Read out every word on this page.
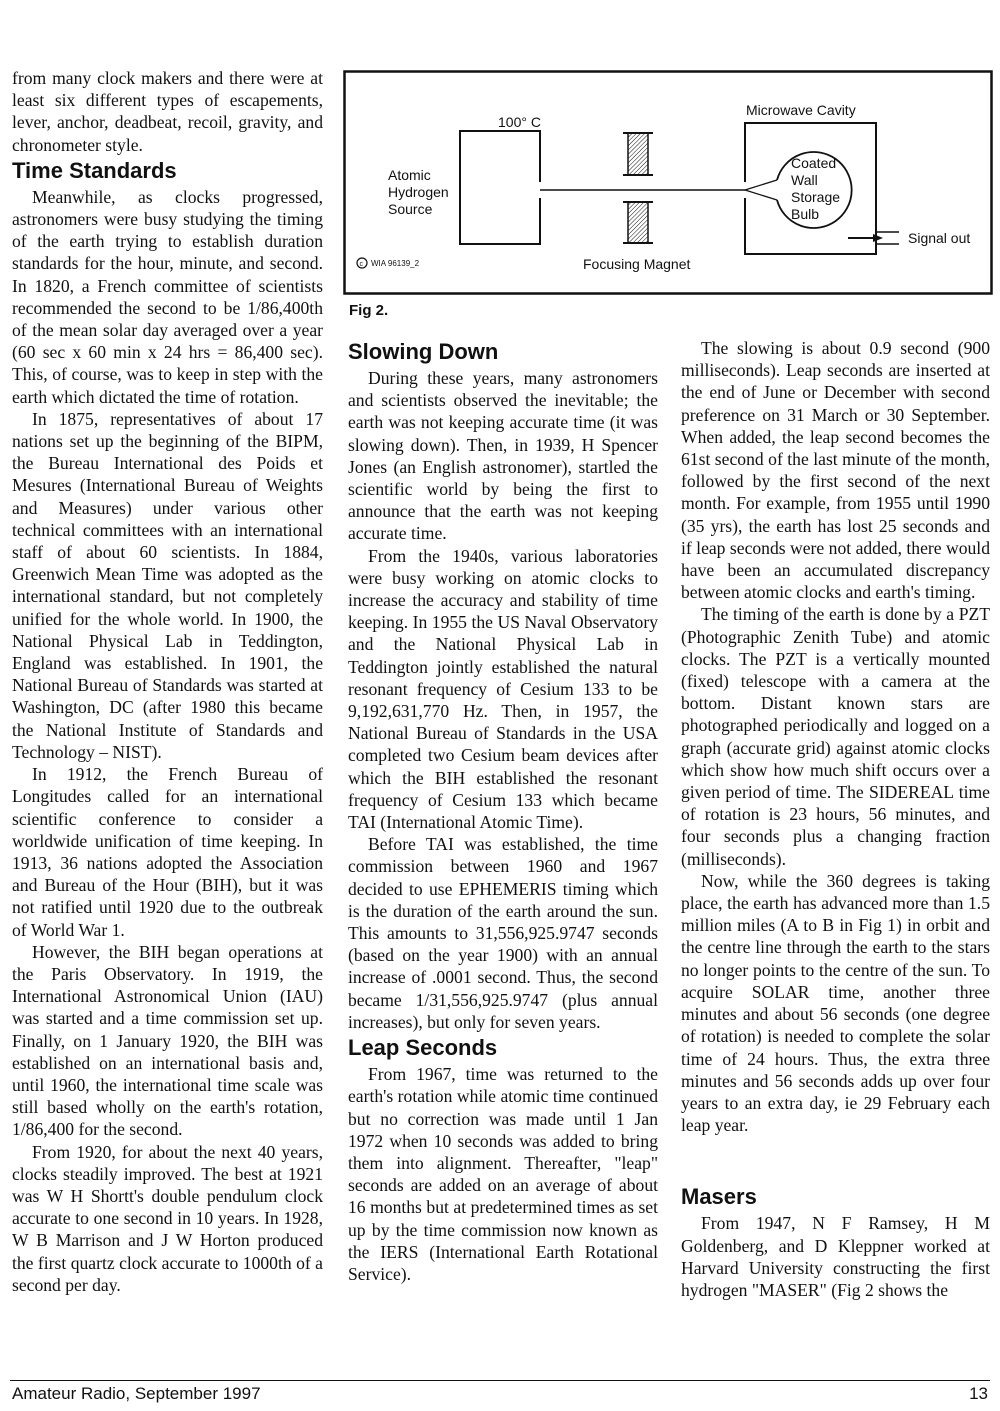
from many clock makers and there were at least six different types of escapements, lever, anchor, deadbeat, recoil, gravity, and chronometer style.

Time Standards

Meanwhile, as clocks progressed, astronomers were busy studying the timing of the earth trying to establish duration standards for the hour, minute, and second. In 1820, a French committee of scientists recommended the second to be 1/86,400th of the mean solar day averaged over a year (60 sec x 60 min x 24 hrs = 86,400 sec). This, of course, was to keep in step with the earth which dictated the time of rotation.

In 1875, representatives of about 17 nations set up the beginning of the BIPM, the Bureau International des Poids et Mesures (International Bureau of Weights and Measures) under various other technical committees with an international staff of about 60 scientists. In 1884, Greenwich Mean Time was adopted as the international standard, but not completely unified for the whole world. In 1900, the National Physical Lab in Teddington, England was established. In 1901, the National Bureau of Standards was started at Washington, DC (after 1980 this became the National Institute of Standards and Technology – NIST).

In 1912, the French Bureau of Longitudes called for an international scientific conference to consider a worldwide unification of time keeping. In 1913, 36 nations adopted the Association and Bureau of the Hour (BIH), but it was not ratified until 1920 due to the outbreak of World War 1.

However, the BIH began operations at the Paris Observatory. In 1919, the International Astronomical Union (IAU) was started and a time commission set up. Finally, on 1 January 1920, the BIH was established on an international basis and, until 1960, the international time scale was still based wholly on the earth's rotation, 1/86,400 for the second.

From 1920, for about the next 40 years, clocks steadily improved. The best at 1921 was W H Shortt's double pendulum clock accurate to one second in 10 years. In 1928, W B Marrison and J W Horton produced the first quartz clock accurate to 1000th of a second per day.

100° C
Atomic
Hydrogen
Source
Microwave Cavity
Coated
Wall
Storage
Bulb
Signal out
Focusing Magnet
c WIA 96139_2

Fig 2.

Slowing Down

During these years, many astronomers and scientists observed the inevitable; the earth was not keeping accurate time (it was slowing down). Then, in 1939, H Spencer Jones (an English astronomer), startled the scientific world by being the first to announce that the earth was not keeping accurate time.

From the 1940s, various laboratories were busy working on atomic clocks to increase the accuracy and stability of time keeping. In 1955 the US Naval Observatory and the National Physical Lab in Teddington jointly established the natural resonant frequency of Cesium 133 to be 9,192,631,770 Hz. Then, in 1957, the National Bureau of Standards in the USA completed two Cesium beam devices after which the BIH established the resonant frequency of Cesium 133 which became TAI (International Atomic Time).

Before TAI was established, the time commission between 1960 and 1967 decided to use EPHEMERIS timing which is the duration of the earth around the sun. This amounts to 31,556,925.9747 seconds (based on the year 1900) with an annual increase of .0001 second. Thus, the second became 1/31,556,925.9747 (plus annual increases), but only for seven years.

Leap Seconds

From 1967, time was returned to the earth's rotation while atomic time continued but no correction was made until 1 Jan 1972 when 10 seconds was added to bring them into alignment. Thereafter, "leap" seconds are added on an average of about 16 months but at predetermined times as set up by the time commission now known as the IERS (International Earth Rotational Service).

The slowing is about 0.9 second (900 milliseconds). Leap seconds are inserted at the end of June or December with second preference on 31 March or 30 September. When added, the leap second becomes the 61st second of the last minute of the month, followed by the first second of the next month. For example, from 1955 until 1990 (35 yrs), the earth has lost 25 seconds and if leap seconds were not added, there would have been an accumulated discrepancy between atomic clocks and earth's timing.

The timing of the earth is done by a PZT (Photographic Zenith Tube) and atomic clocks. The PZT is a vertically mounted (fixed) telescope with a camera at the bottom. Distant known stars are photographed periodically and logged on a graph (accurate grid) against atomic clocks which show how much shift occurs over a given period of time. The SIDEREAL time of rotation is 23 hours, 56 minutes, and four seconds plus a changing fraction (milliseconds).

Now, while the 360 degrees is taking place, the earth has advanced more than 1.5 million miles (A to B in Fig 1) in orbit and the centre line through the earth to the stars no longer points to the centre of the sun. To acquire SOLAR time, another three minutes and about 56 seconds (one degree of rotation) is needed to complete the solar time of 24 hours. Thus, the extra three minutes and 56 seconds adds up over four years to an extra day, ie 29 February each leap year.

Masers

From 1947, N F Ramsey, H M Goldenberg, and D Kleppner worked at Harvard University constructing the first hydrogen "MASER" (Fig 2 shows the

Amateur Radio, September 1997	13
